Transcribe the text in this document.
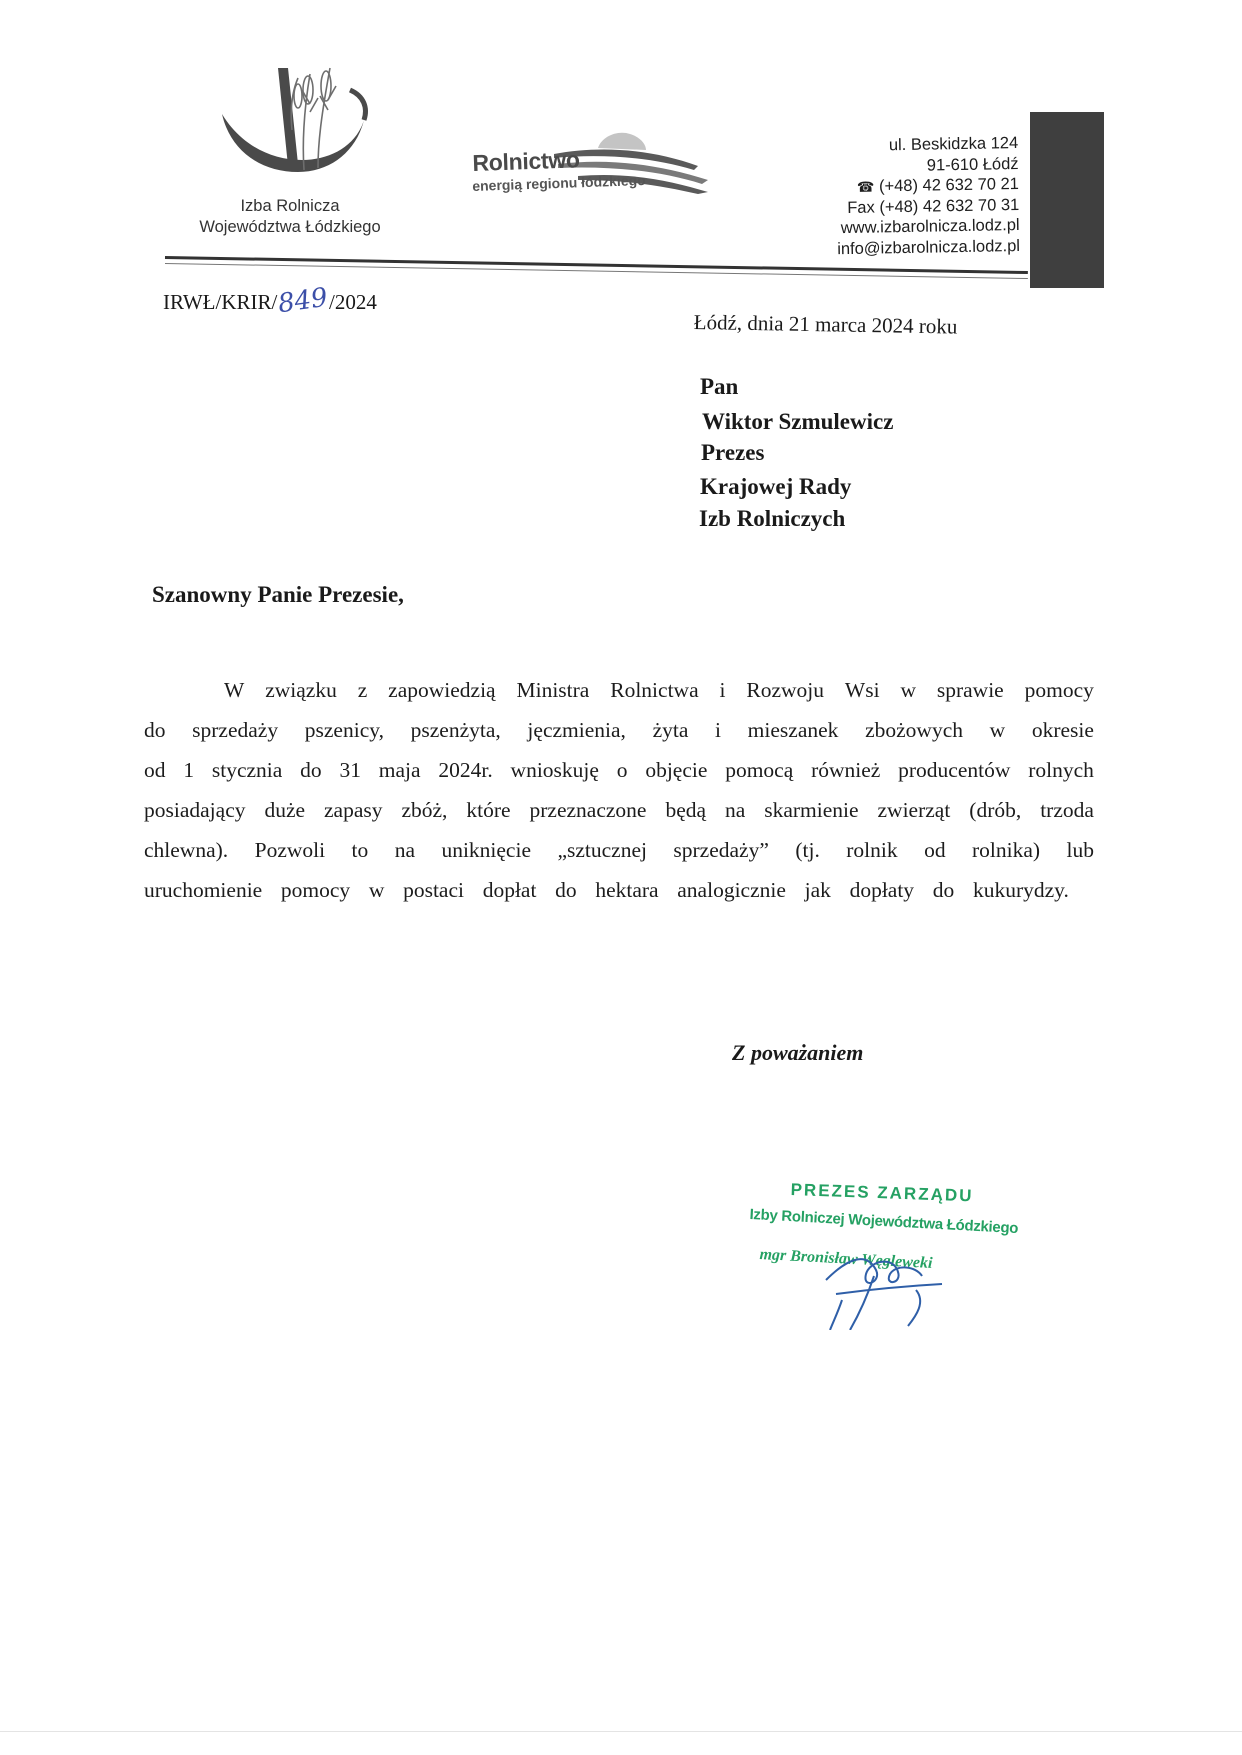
Izba Rolnicza
Województwa Łódzkiego
Rolnictwo
energią regionu łódzkiego
ul. Beskidzka 124
91-610 Łódź
☎ (+48) 42 632 70 21
Fax (+48) 42 632 70 31
www.izbarolnicza.lodz.pl
info@izbarolnicza.lodz.pl
IRWŁ/KRIR/849/2024
Łódź, dnia 21 marca 2024 roku
Pan
Wiktor Szmulewicz
Prezes
Krajowej Rady
Izb Rolniczych
Szanowny Panie Prezesie,
W związku z zapowiedzią Ministra Rolnictwa i Rozwoju Wsi w sprawie pomocy
do sprzedaży pszenicy, pszenżyta, jęczmienia, żyta i mieszanek zbożowych w okresie
od 1 stycznia do 31 maja 2024r. wnioskuję o objęcie pomocą również producentów rolnych
posiadający duże zapasy zbóż, które przeznaczone będą na skarmienie zwierząt (drób, trzoda
chlewna). Pozwoli to na uniknięcie „sztucznej sprzedaży” (tj. rolnik od rolnika) lub
uruchomienie pomocy w postaci dopłat do hektara analogicznie jak dopłaty do kukurydzy.
Z poważaniem
PREZES ZARZĄDU
Izby Rolniczej Województwa Łódzkiego
mgr Bronisław Węgleweki
